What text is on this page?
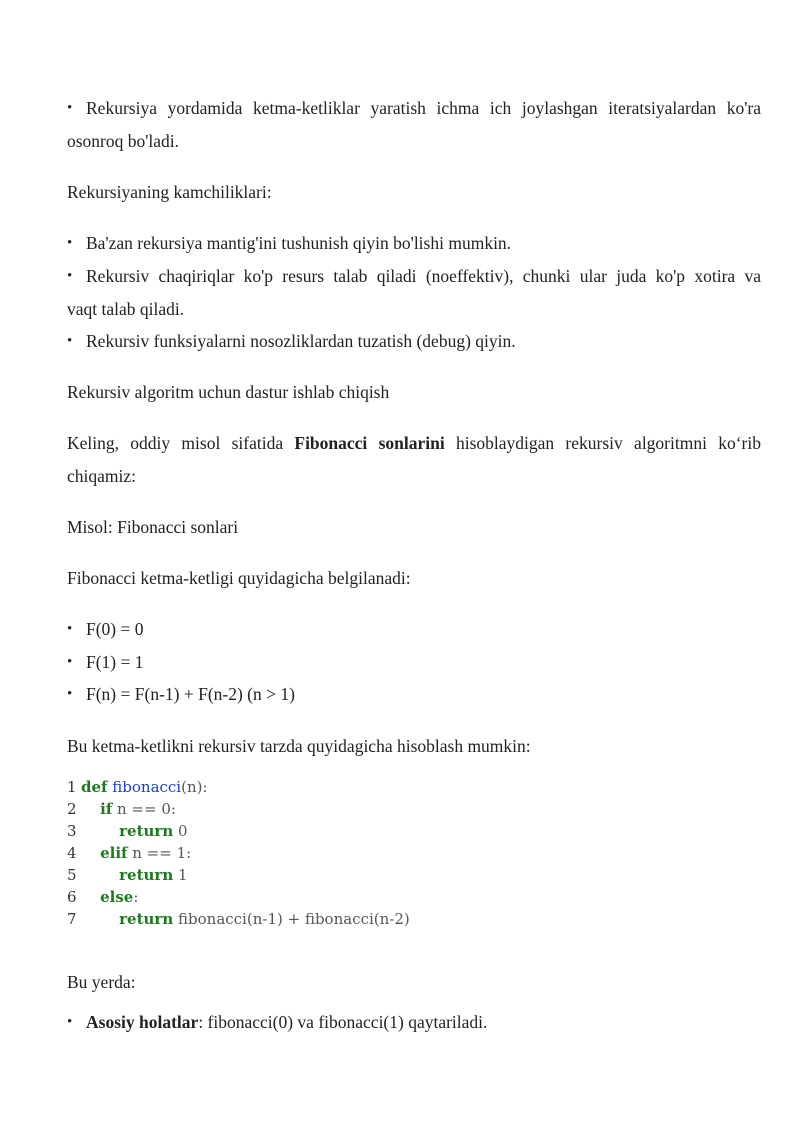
• Rekursiya yordamida ketma-ketliklar yaratish ichma ich joylashgan iteratsiyalardan ko'ra
osonroq bo'ladi.
Rekursiyaning kamchiliklari:
• Ba'zan rekursiya mantig'ini tushunish qiyin bo'lishi mumkin.
• Rekursiv chaqiriqlar ko'p resurs talab qiladi (noeffektiv), chunki ular juda ko'p xotira va
vaqt talab qiladi.
• Rekursiv funksiyalarni nosozliklardan tuzatish (debug) qiyin.
Rekursiv algoritm uchun dastur ishlab chiqish
Keling, oddiy misol sifatida Fibonacci sonlarini hisoblaydigan rekursiv algoritmni ko‘rib
chiqamiz:
Misol: Fibonacci sonlari
Fibonacci ketma-ketligi quyidagicha belgilanadi:
• F(0) = 0
• F(1) = 1
• F(n) = F(n-1) + F(n-2) (n > 1)
Bu ketma-ketlikni rekursiv tarzda quyidagicha hisoblash mumkin:
1 def fibonacci(n):
2 if n == 0:
3	return 0
4 elif n == 1:
5	return 1
6 else:
7	return fibonacci(n-1) + fibonacci(n-2)
Bu yerda:
• Asosiy holatlar: fibonacci(0) va fibonacci(1) qaytariladi.
